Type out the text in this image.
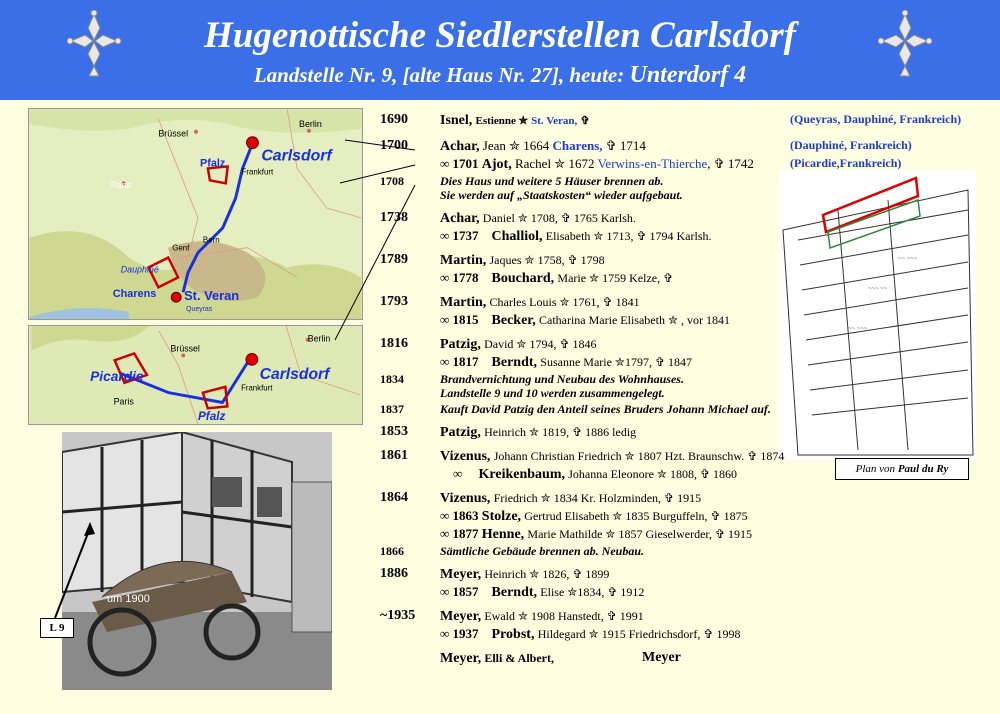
Hugenottische Siedlerstellen Carlsdorf
Landstelle Nr. 9, [alte Haus Nr. 27], heute: Unterdorf 4
Berlin
Brüssel
Paris
Carlsdorf
Frankfurt
Pfalz
Genf
Bern
Dauphiné
Charens St. Veran
Queyras
Brüssel
Berlin
Carlsdorf
Picardie
Frankfurt
Paris
Pfalz
um 1900
L 9
~~ ~~~
~~~ ~~
~~ ~~~
Plan von Paul du Ry
1690 Isnel, Estienne ✮ St. Veran, ✞	(Queyras, Dauphiné, Frankreich)
1700 Achar, Jean ✮ 1664 Charens, ✞ 1714	(Dauphiné, Frankreich)
∞ 1701 Ajot, Rachel ✮ 1672 Verwins-en-Thierche, ✞ 1742	(Picardie,Frankreich)
1708	Dies Haus und weitere 5 Häuser brennen ab.
Sie werden auf „Staatskosten“ wieder aufgebaut.
1738 Achar, Daniel ✮ 1708, ✞ 1765 Karlsh.
∞ 1737 Challiol, Elisabeth ✮ 1713, ✞ 1794 Karlsh.
1789 Martin, Jaques ✮ 1758, ✞ 1798
∞ 1778 Bouchard, Marie ✮ 1759 Kelze, ✞
1793 Martin, Charles Louis ✮ 1761, ✞ 1841
∞ 1815 Becker, Catharina Marie Elisabeth ✮ , vor 1841
1816 Patzig, David ✮ 1794, ✞ 1846
∞ 1817 Berndt, Susanne Marie ✮1797, ✞ 1847
1834	Brandvernichtung und Neubau des Wohnhauses.
Landstelle 9 und 10 werden zusammengelegt.
1837	Kauft David Patzig den Anteil seines Bruders Johann Michael auf.
1853 Patzig, Heinrich ✮ 1819, ✞ 1886 ledig
1861 Vizenus, Johann Christian Friedrich ✮ 1807 Hzt. Braunschw. ✞ 1874
∞ Kreikenbaum, Johanna Eleonore ✮ 1808, ✞ 1860
1864 Vizenus, Friedrich ✮ 1834 Kr. Holzminden, ✞ 1915
∞ 1863 Stolze, Gertrud Elisabeth ✮ 1835 Burguffeln, ✞ 1875
∞ 1877 Henne, Marie Mathilde ✮ 1857 Gieselwerder, ✞ 1915
1866	Sämtliche Gebäude brennen ab. Neubau.
1886 Meyer, Heinrich ✮ 1826, ✞ 1899
∞ 1857 Berndt, Elise ✮1834, ✞ 1912
~1935 Meyer, Ewald ✮ 1908 Hanstedt, ✞ 1991
∞ 1937 Probst, Hildegard ✮ 1915 Friedrichsdorf, ✞ 1998
Meyer, Elli & Albert,	Meyer
